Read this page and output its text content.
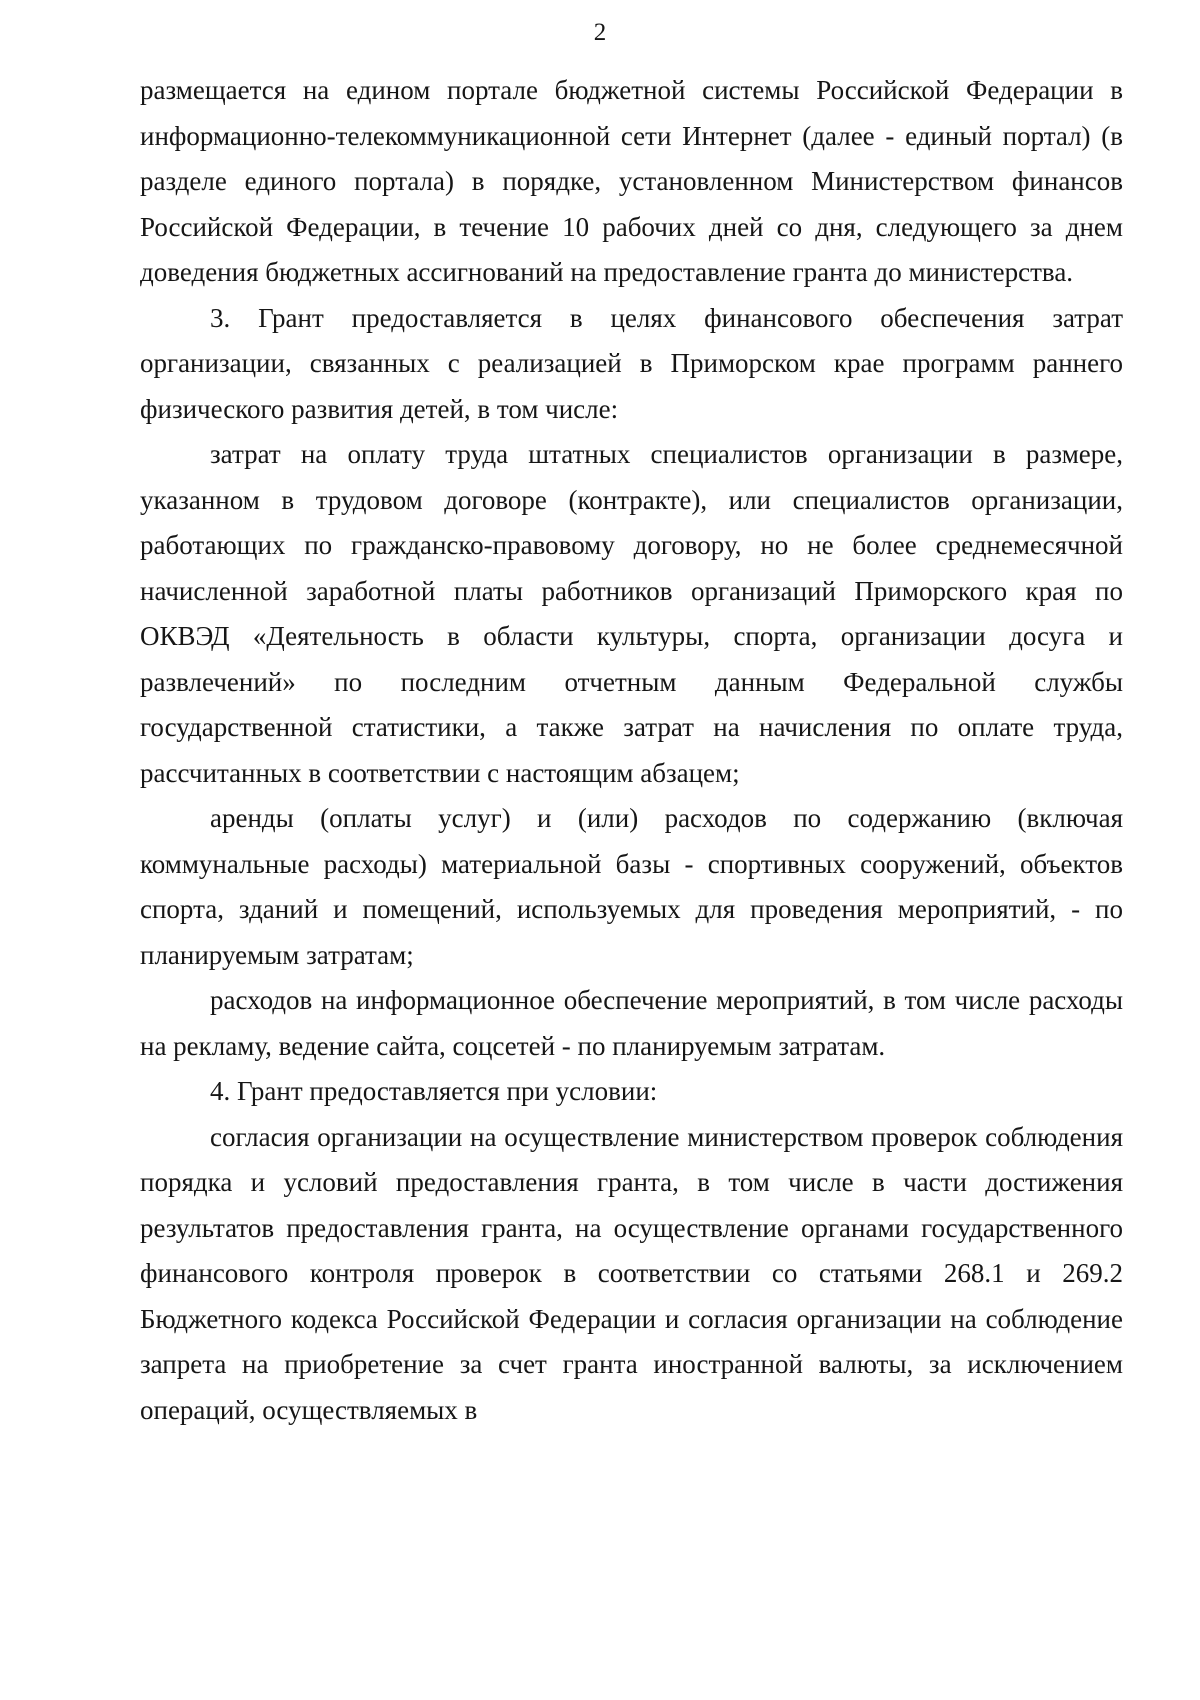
2

размещается на едином портале бюджетной системы Российской Федерации в информационно-телекоммуникационной сети Интернет (далее - единый портал) (в разделе единого портала) в порядке, установленном Министерством финансов Российской Федерации, в течение 10 рабочих дней со дня, следующего за днем доведения бюджетных ассигнований на предоставление гранта до министерства.

3. Грант предоставляется в целях финансового обеспечения затрат организации, связанных с реализацией в Приморском крае программ раннего физического развития детей, в том числе:

затрат на оплату труда штатных специалистов организации в размере, указанном в трудовом договоре (контракте), или специалистов организации, работающих по гражданско-правовому договору, но не более среднемесячной начисленной заработной платы работников организаций Приморского края по ОКВЭД «Деятельность в области культуры, спорта, организации досуга и развлечений» по последним отчетным данным Федеральной службы государственной статистики, а также затрат на начисления по оплате труда, рассчитанных в соответствии с настоящим абзацем;

аренды (оплаты услуг) и (или) расходов по содержанию (включая коммунальные расходы) материальной базы - спортивных сооружений, объектов спорта, зданий и помещений, используемых для проведения мероприятий, - по планируемым затратам;

расходов на информационное обеспечение мероприятий, в том числе расходы на рекламу, ведение сайта, соцсетей - по планируемым затратам.

4. Грант предоставляется при условии:

согласия организации на осуществление министерством проверок соблюдения порядка и условий предоставления гранта, в том числе в части достижения результатов предоставления гранта, на осуществление органами государственного финансового контроля проверок в соответствии со статьями 268.1 и 269.2 Бюджетного кодекса Российской Федерации и согласия организации на соблюдение запрета на приобретение за счет гранта иностранной валюты, за исключением операций, осуществляемых в
